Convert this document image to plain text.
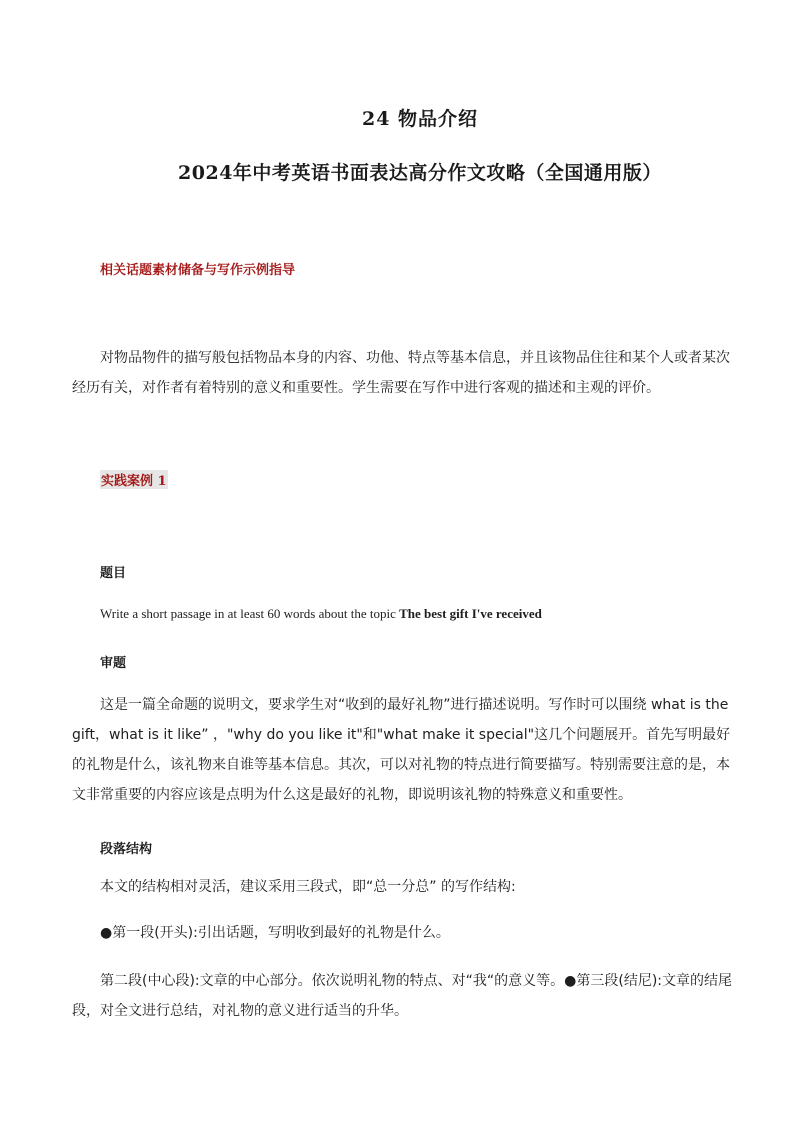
24 物品介绍
2024年中考英语书面表达高分作文攻略（全国通用版）
相关话题素材储备与写作示例指导
对物品物件的描写般包括物品本身的内容、功他、特点等基本信息，并且该物品住往和某个人或者某次经历有关，对作者有着特别的意义和重要性。学生需要在写作中进行客观的描述和主观的评价。
实践案例 1
题目
Write a short passage in at least 60 words about the topic The best gift I've received
审题
这是一篇全命题的说明文，要求学生对“收到的最好礼物”进行描述说明。写作时可以围绕 what is the gift，what is it like” ，"why do you like it"和"what make it special"这几个问题展开。首先写明最好的礼物是什么，该礼物来自谁等基本信息。其次，可以对礼物的特点进行简要描写。特别需要注意的是，本文非常重要的内容应该是点明为什么这是最好的礼物，即说明该礼物的特殊意义和重要性。
段落结构
本文的结构相对灵活，建议采用三段式，即“总一分总” 的写作结构:
●第一段(开头):引出话题，写明收到最好的礼物是什么。
第二段(中心段):文章的中心部分。依次说明礼物的特点、对“我“的意义等。●第三段(结尼):文章的结尾段，对全文进行总结，对礼物的意义进行适当的升华。
